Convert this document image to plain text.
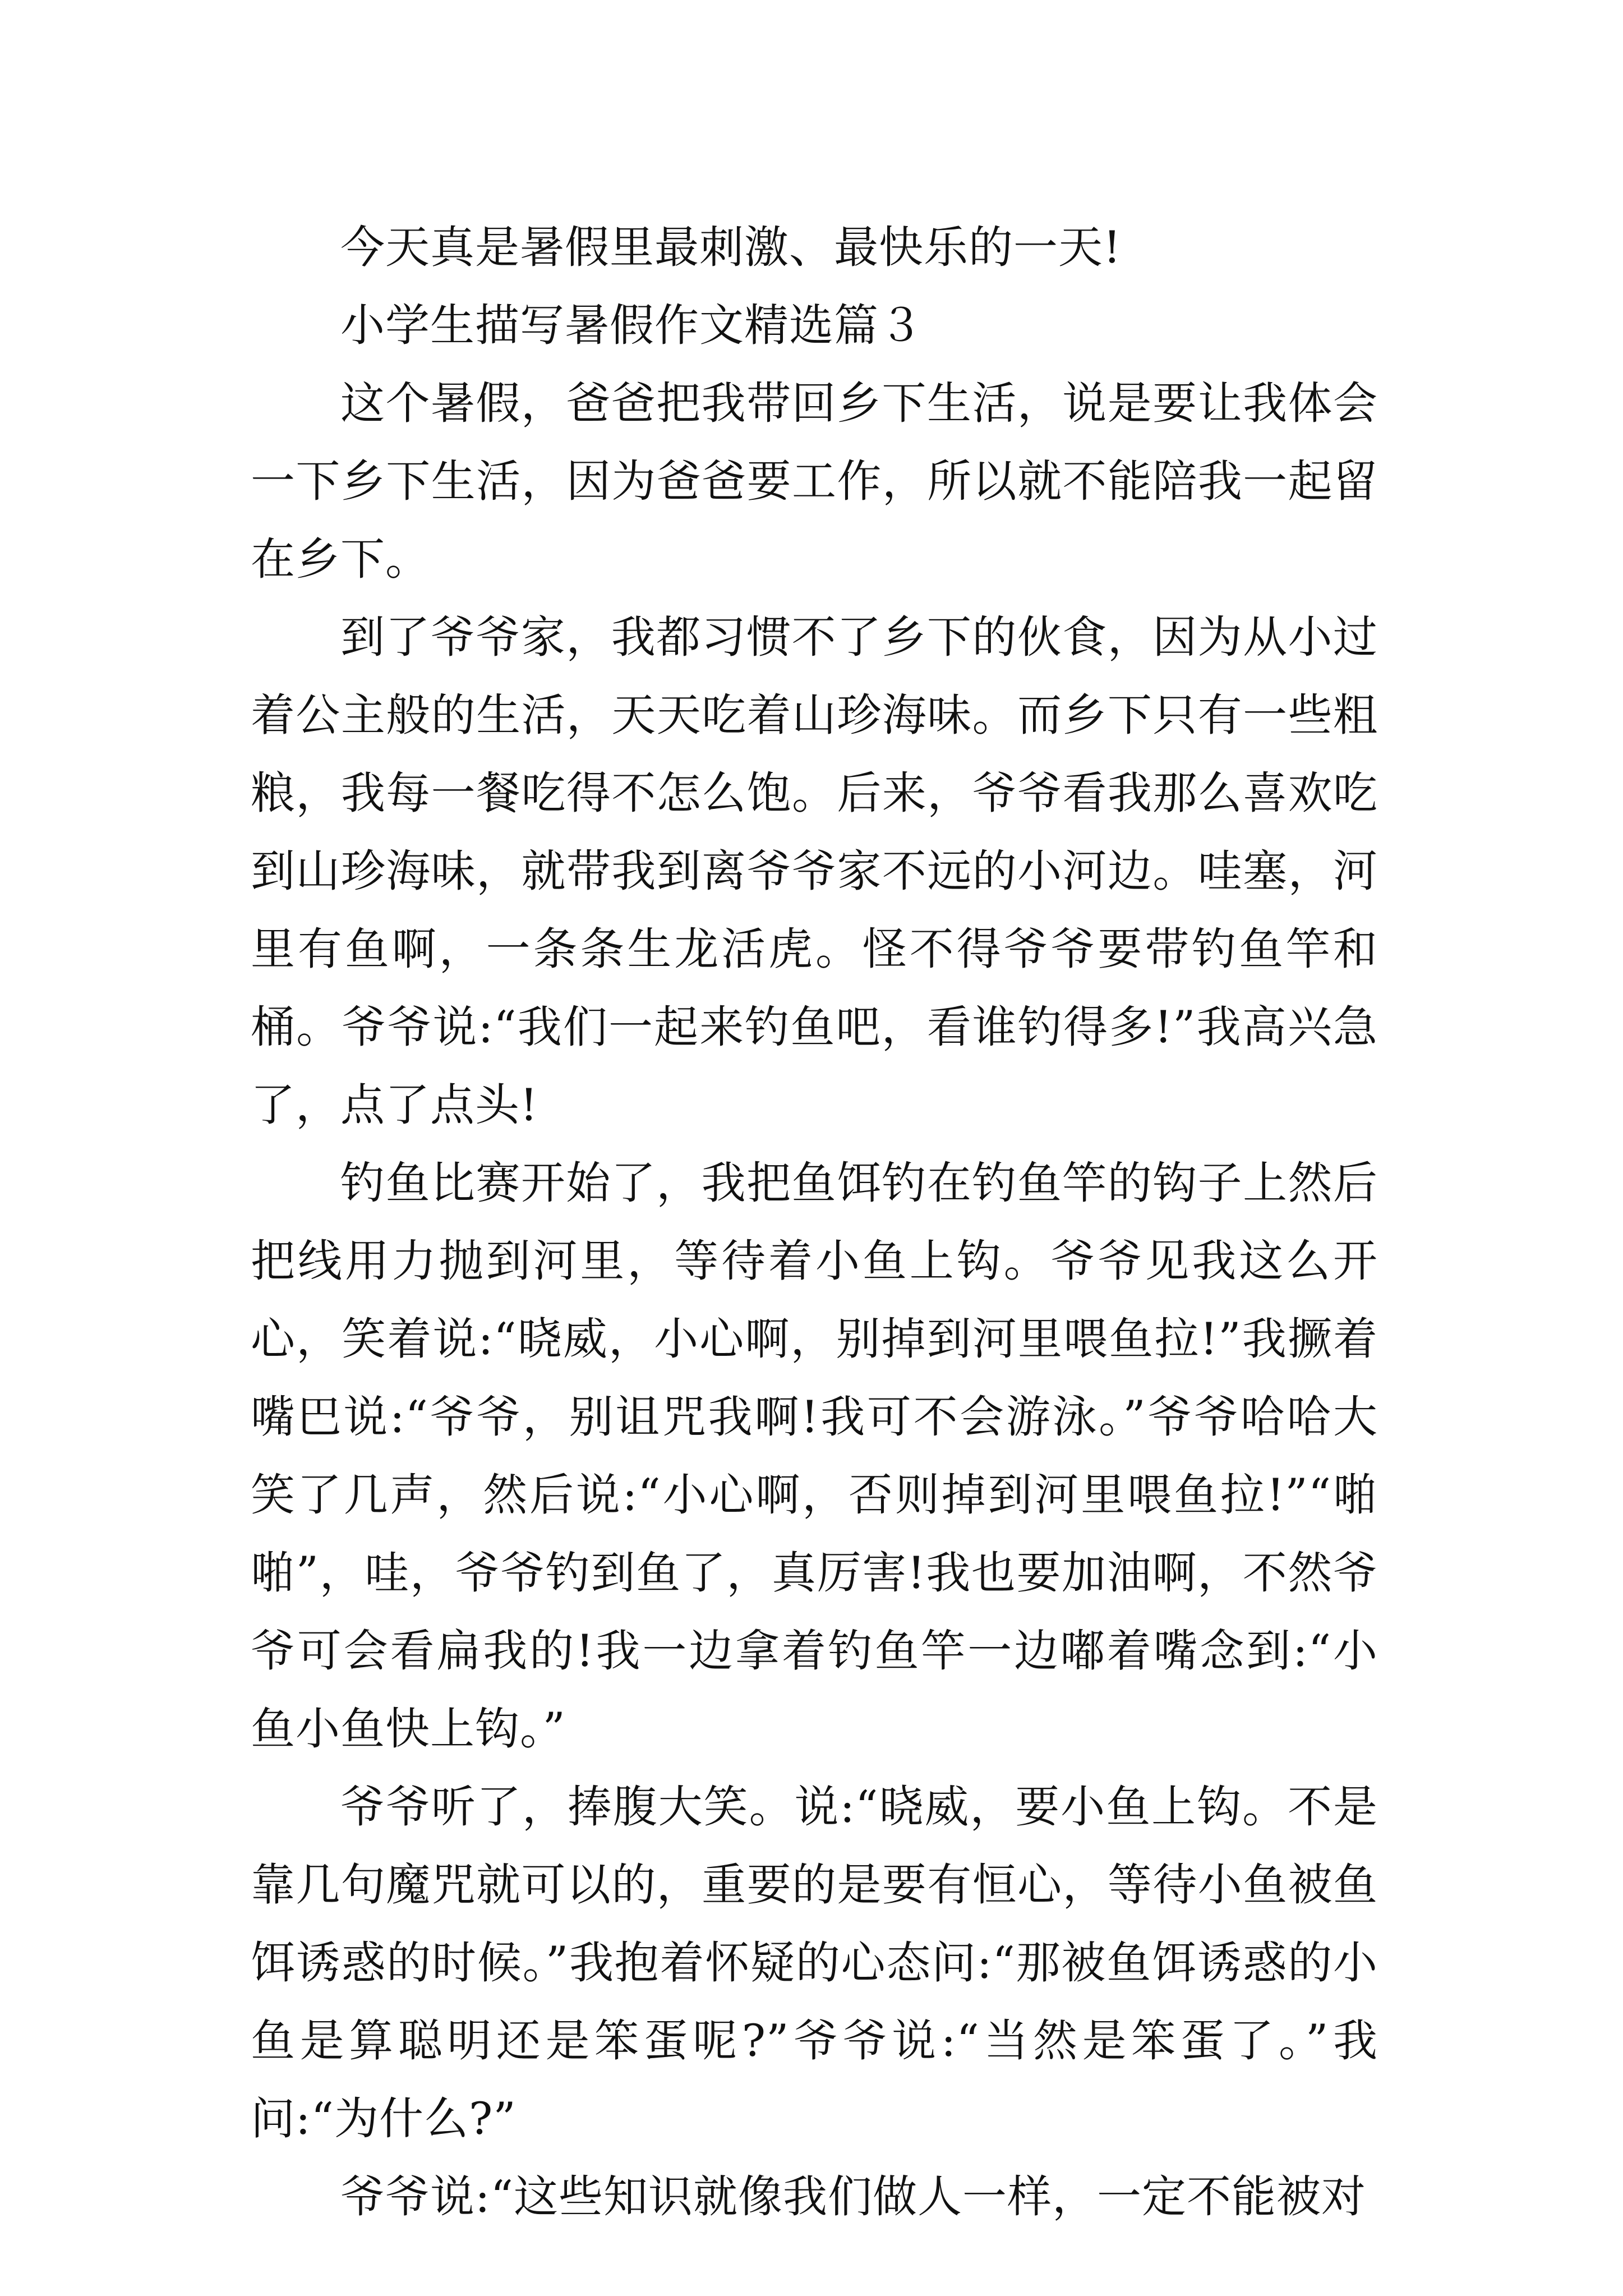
今天真是暑假里最刺激、最快乐的一天!

小学生描写暑假作文精选篇３

这个暑假，爸爸把我带回乡下生活，说是要让我体会一下乡下生活，因为爸爸要工作，所以就不能陪我一起留在乡下。

到了爷爷家，我都习惯不了乡下的伙食，因为从小过着公主般的生活，天天吃着山珍海味。而乡下只有一些粗粮，我每一餐吃得不怎么饱。后来，爷爷看我那么喜欢吃到山珍海味，就带我到离爷爷家不远的小河边。哇塞，河里有鱼啊，一条条生龙活虎。怪不得爷爷要带钓鱼竿和桶。爷爷说:“我们一起来钓鱼吧，看谁钓得多!”我高兴急了，点了点头!

钓鱼比赛开始了，我把鱼饵钓在钓鱼竿的钩子上然后把线用力抛到河里，等待着小鱼上钩。爷爷见我这么开心，笑着说:“晓威，小心啊，别掉到河里喂鱼拉!”我撅着嘴巴说:“爷爷，别诅咒我啊!我可不会游泳。”爷爷哈哈大笑了几声，然后说:“小心啊，否则掉到河里喂鱼拉!”“啪啪”，哇，爷爷钓到鱼了，真厉害!我也要加油啊，不然爷爷可会看扁我的!我一边拿着钓鱼竿一边嘟着嘴念到:“小鱼小鱼快上钩。”

爷爷听了，捧腹大笑。说:“晓威，要小鱼上钩。不是靠几句魔咒就可以的，重要的是要有恒心，等待小鱼被鱼饵诱惑的时候。”我抱着怀疑的心态问:“那被鱼饵诱惑的小鱼是算聪明还是笨蛋呢?”爷爷说:“当然是笨蛋了。”我问:“为什么?”

爷爷说:“这些知识就像我们做人一样，一定不能被对
